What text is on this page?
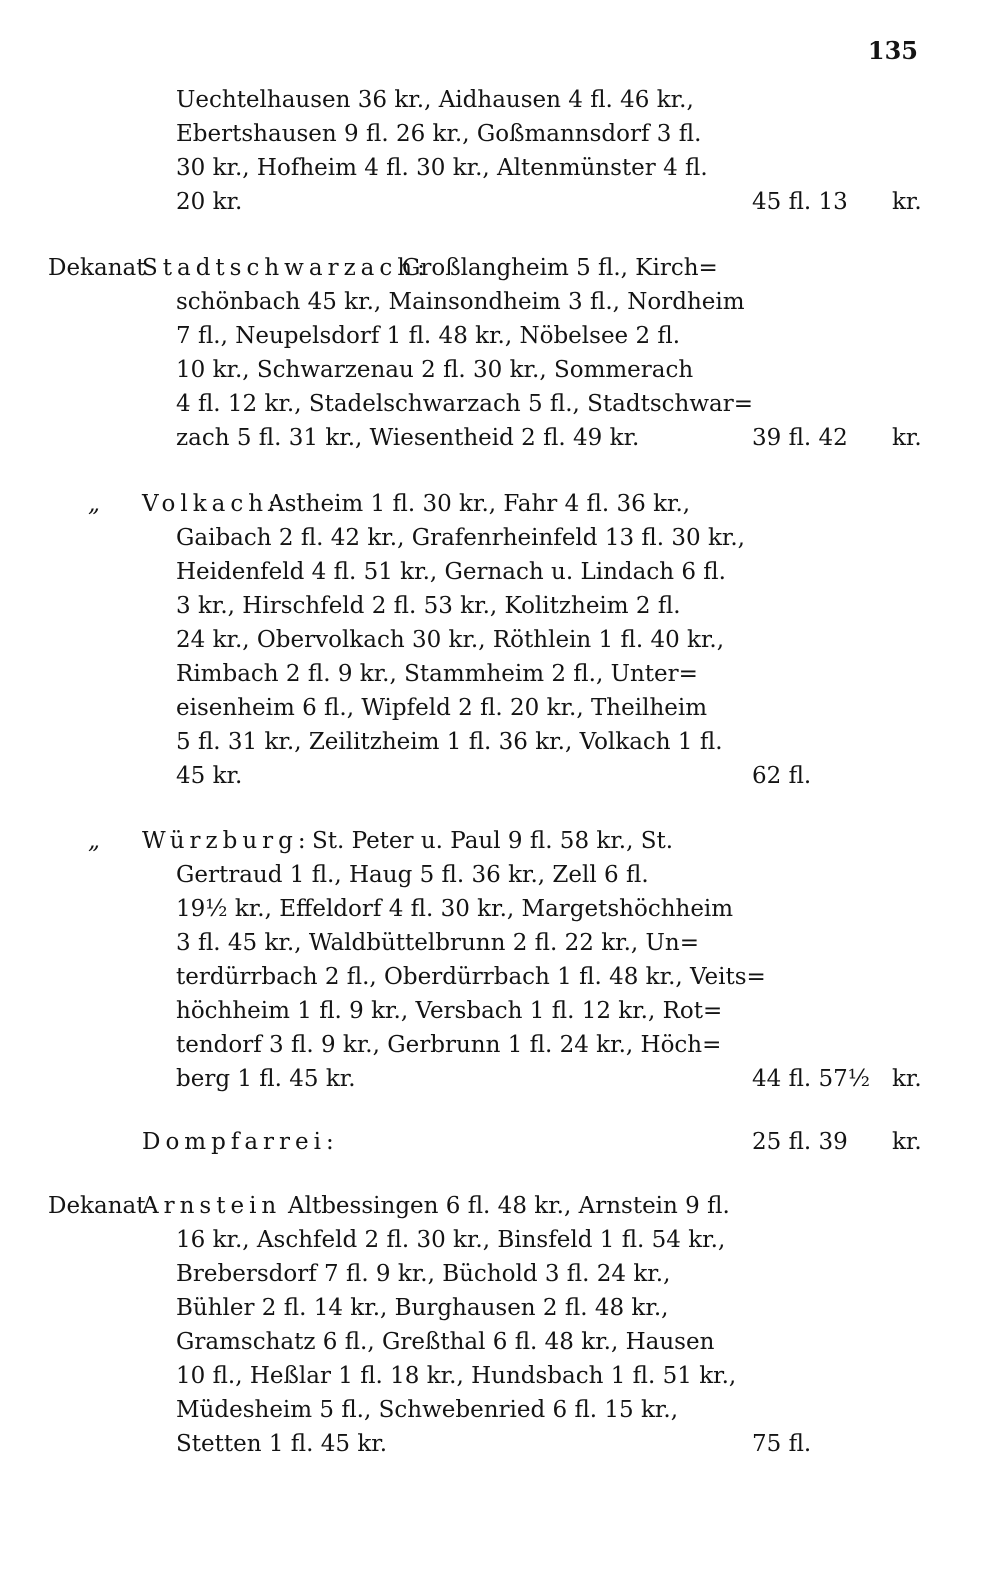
135
Uechtelhausen 36 kr., Aidhausen 4 fl. 46 kr.,
Ebertshausen 9 fl. 26 kr., Goßmannsdorf 3 fl.
30 kr., Hofheim 4 fl. 30 kr., Altenmünster 4 fl.
20 kr.	45 fl. 13 kr.
Dekanat
Stadtschwarzach:
Großlangheim 5 fl., Kirch=
schönbach 45 kr., Mainsondheim 3 fl., Nordheim
7 fl., Neupelsdorf 1 fl. 48 kr., Nöbelsee 2 fl.
10 kr., Schwarzenau 2 fl. 30 kr., Sommerach
4 fl. 12 kr., Stadelschwarzach 5 fl., Stadtschwar=
zach 5 fl. 31 kr., Wiesentheid 2 fl. 49 kr.	39 fl. 42 kr.
„ Volkach:
Astheim 1 fl. 30 kr., Fahr 4 fl. 36 kr.,
Gaibach 2 fl. 42 kr., Grafenrheinfeld 13 fl. 30 kr.,
Heidenfeld 4 fl. 51 kr., Gernach u. Lindach 6 fl.
3 kr., Hirschfeld 2 fl. 53 kr., Kolitzheim 2 fl.
24 kr., Obervolkach 30 kr., Röthlein 1 fl. 40 kr.,
Rimbach 2 fl. 9 kr., Stammheim 2 fl., Unter=
eisenheim 6 fl., Wipfeld 2 fl. 20 kr., Theilheim
5 fl. 31 kr., Zeilitzheim 1 fl. 36 kr., Volkach 1 fl.
45 kr.	62 fl.
„ Würzburg: St. Peter u. Paul 9 fl. 58 kr., St.
Gertraud 1 fl., Haug 5 fl. 36 kr., Zell 6 fl.
19½ kr., Effeldorf 4 fl. 30 kr., Margetshöchheim
3 fl. 45 kr., Waldbüttelbrunn 2 fl. 22 kr., Un=
terdürrbach 2 fl., Oberdürrbach 1 fl. 48 kr., Veits=
höchheim 1 fl. 9 kr., Versbach 1 fl. 12 kr., Rot=
tendorf 3 fl. 9 kr., Gerbrunn 1 fl. 24 kr., Höch=
berg 1 fl. 45 kr.	44 fl. 57½ kr.
Dompfarrei:	25 fl. 39 kr.
Dekanat
Arnstein Altbessingen 6 fl. 48 kr., Arnstein 9 fl.
16 kr., Aschfeld 2 fl. 30 kr., Binsfeld 1 fl. 54 kr.,
Brebersdorf 7 fl. 9 kr., Büchold 3 fl. 24 kr.,
Bühler 2 fl. 14 kr., Burghausen 2 fl. 48 kr.,
Gramschatz 6 fl., Greßthal 6 fl. 48 kr., Hausen
10 fl., Heßlar 1 fl. 18 kr., Hundsbach 1 fl. 51 kr.,
Müdesheim 5 fl., Schwebenried 6 fl. 15 kr.,
Stetten 1 fl. 45 kr.	75 fl.
